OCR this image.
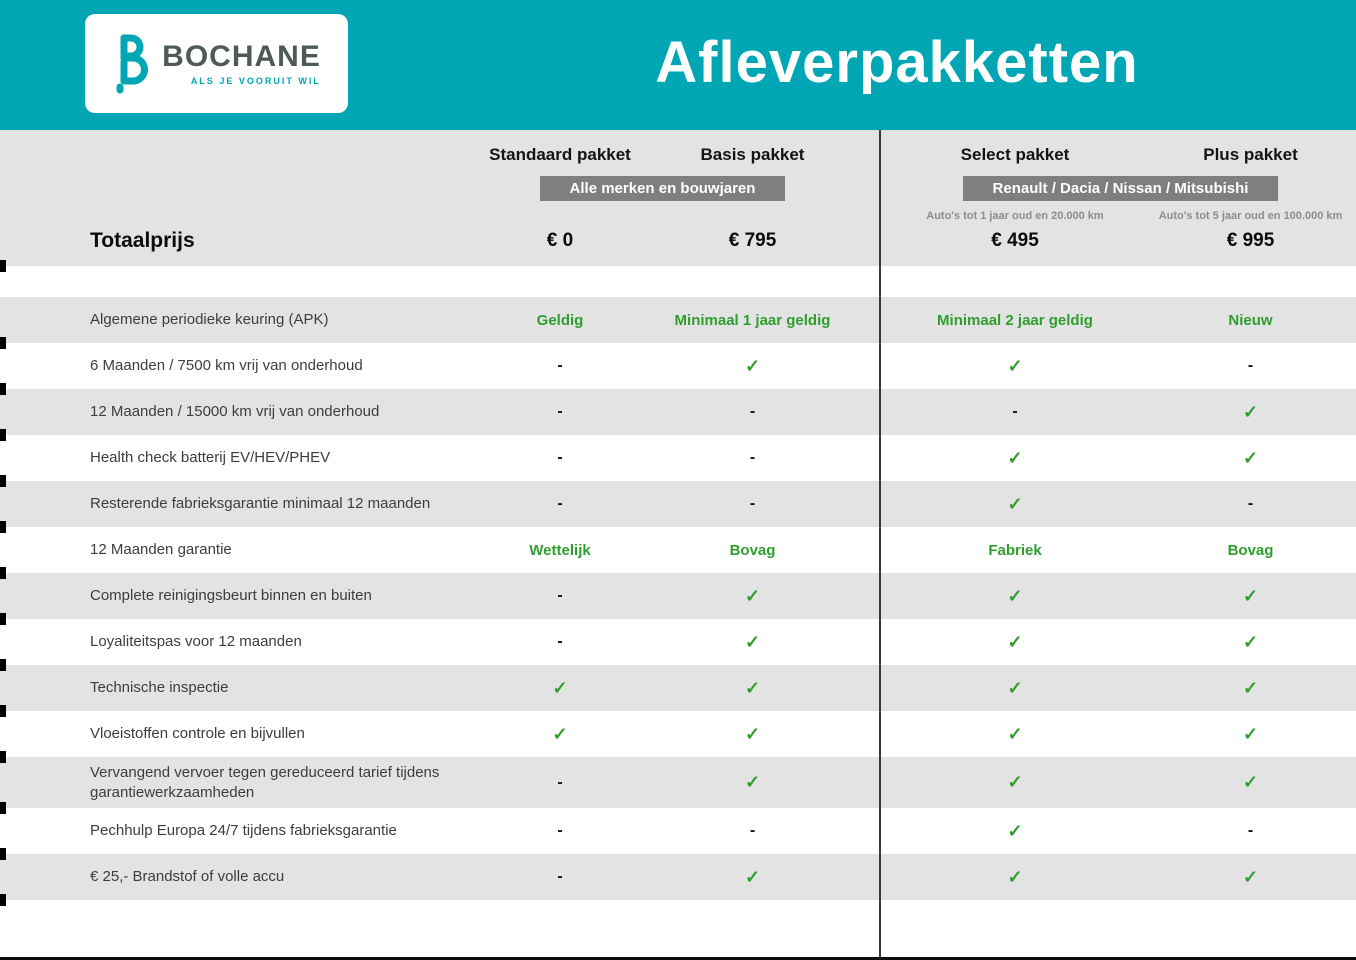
BOCHANE
ALS JE VOORUIT WIL	Afleverpakketten
Standaard pakket	Basis pakket	Select pakket	Plus pakket
Alle merken en bouwjaren	Renault / Dacia / Nissan / Mitsubishi
Auto's tot 1 jaar oud en 20.000 km	Auto's tot 5 jaar oud en 100.000 km
Totaalprijs	€ 0	€ 795	€ 495	€ 995
Algemene periodieke keuring (APK)	Geldig	Minimaal 1 jaar geldig	Minimaal 2 jaar geldig	Nieuw
6 Maanden / 7500 km vrij van onderhoud	-	✓	✓	-
12 Maanden / 15000 km vrij van onderhoud	-	-	-	✓
Health check batterij EV/HEV/PHEV	-	-	✓	✓
Resterende fabrieksgarantie minimaal 12 maanden	-	-	✓	-
12 Maanden garantie	Wettelijk	Bovag	Fabriek	Bovag
Complete reinigingsbeurt binnen en buiten	-	✓	✓	✓
Loyaliteitspas voor 12 maanden	-	✓	✓	✓
Technische inspectie	✓	✓	✓	✓
Vloeistoffen controle en bijvullen	✓	✓	✓	✓
Vervangend vervoer tegen gereduceerd tarief tijdens garantiewerkzaamheden
-	✓	✓	✓
Pechhulp Europa 24/7 tijdens fabrieksgarantie	-	-	✓	-
€ 25,- Brandstof of volle accu	-	✓	✓	✓
